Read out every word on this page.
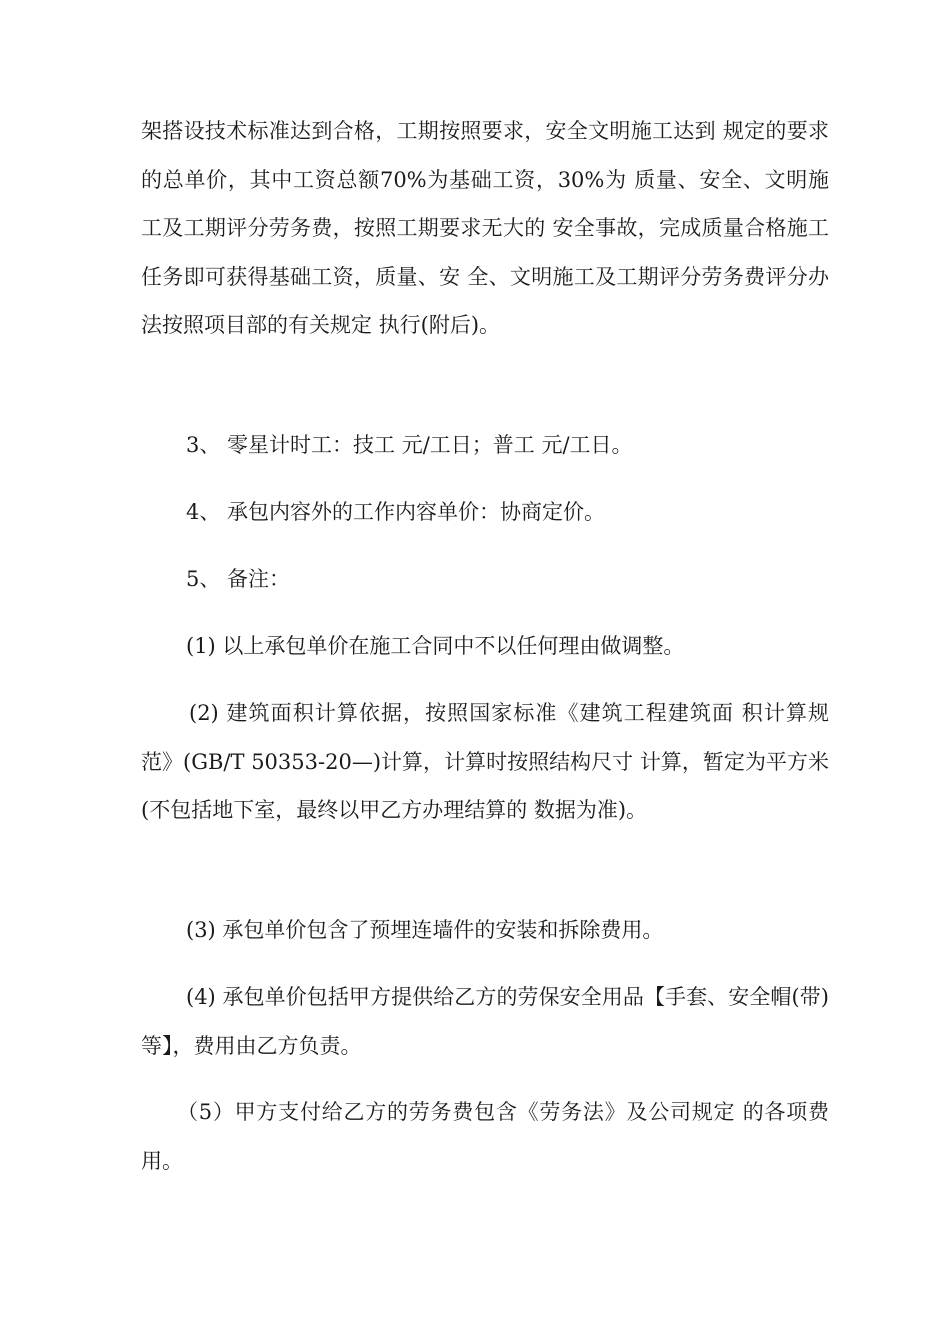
架搭设技术标准达到合格，工期按照要求，安全文明施工达到 规定的要求的总单价，其中工资总额70%为基础工资，30%为 质量、安全、文明施工及工期评分劳务费，按照工期要求无大的 安全事故，完成质量合格施工任务即可获得基础工资，质量、安 全、文明施工及工期评分劳务费评分办法按照项目部的有关规定 执行(附后)。

3、 零星计时工：技工 元/工日；普工 元/工日。

4、 承包内容外的工作内容单价：协商定价。

5、 备注：

(1) 以上承包单价在施工合同中不以任何理由做调整。

(2) 建筑面积计算依据，按照国家标准《建筑工程建筑面 积计算规范》(GB/T 50353-20—)计算，计算时按照结构尺寸 计算，暂定为平方米(不包括地下室，最终以甲乙方办理结算的 数据为准)。

(3) 承包单价包含了预埋连墙件的安装和拆除费用。

(4) 承包单价包括甲方提供给乙方的劳保安全用品【手套、安全帽(带)等】，费用由乙方负责。

（5）甲方支付给乙方的劳务费包含《劳务法》及公司规定 的各项费用。
